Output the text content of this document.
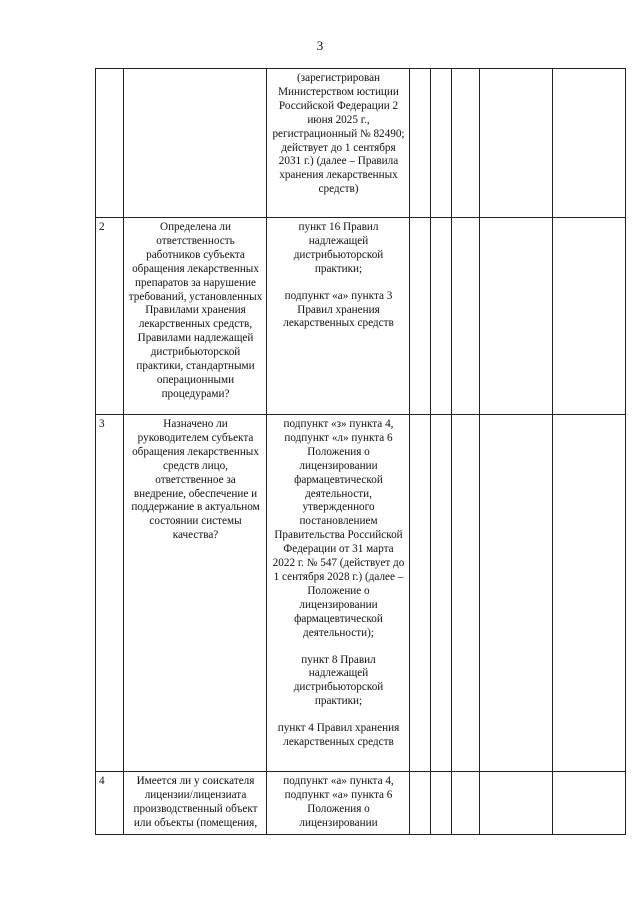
3

		(зарегистрирован Министерством юстиции Российской Федерации 2 июня 2025 г., регистрационный № 82490; действует до 1 сентября 2031 г.) (далее – Правила хранения лекарственных средств)					

2	Определена ли ответственность работников субъекта обращения лекарственных препаратов за нарушение требований, установленных Правилами хранения лекарственных средств, Правилами надлежащей дистрибьюторской практики, стандартными операционными процедурами?	пункт 16 Правил надлежащей дистрибьюторской практики;
подпункт «а» пункта 3 Правил хранения лекарственных средств					

3	Назначено ли руководителем субъекта обращения лекарственных средств лицо, ответственное за внедрение, обеспечение и поддержание в актуальном состоянии системы качества?	подпункт «з» пункта 4, подпункт «л» пункта 6 Положения о лицензировании фармацевтической деятельности, утвержденного постановлением Правительства Российской Федерации от 31 марта 2022 г. № 547 (действует до 1 сентября 2028 г.) (далее – Положение о лицензировании фармацевтической деятельности);
пункт 8 Правил надлежащей дистрибьюторской практики;
пункт 4 Правил хранения лекарственных средств					

4	Имеется ли у соискателя лицензии/лицензиата производственный объект или объекты (помещения,	подпункт «а» пункта 4, подпункт «а» пункта 6 Положения о лицензировании					
